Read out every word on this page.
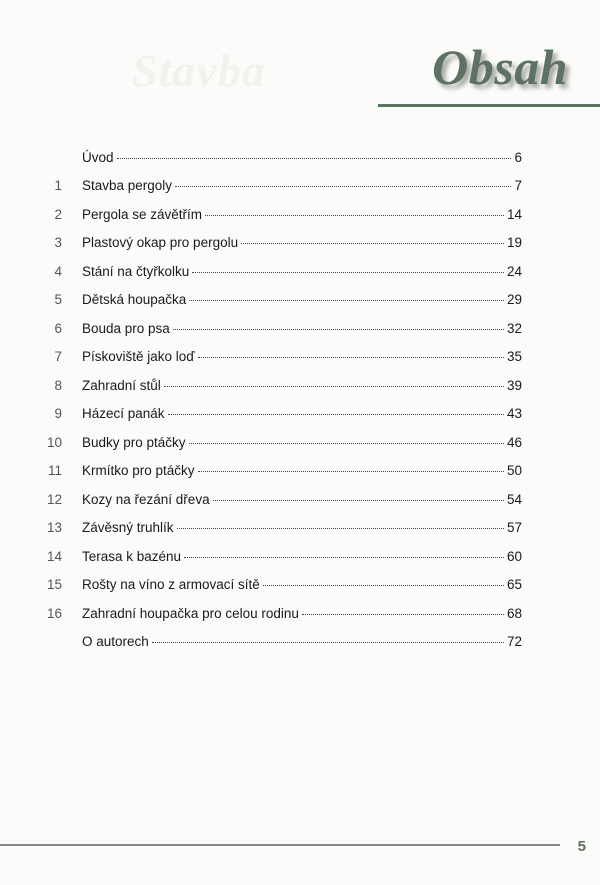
Stavba	Obsah
Úvod	6
1 Stavba pergoly	7
2 Pergola se závětřím	14
3 Plastový okap pro pergolu	19
4 Stání na čtyřkolku	24
5 Dětská houpačka	29
6 Bouda pro psa	32
7 Pískoviště jako loď	35
8 Zahradní stůl	39
9 Házecí panák	43
10 Budky pro ptáčky	46
11 Krmítko pro ptáčky	50
12 Kozy na řezání dřeva	54
13 Závěsný truhlík	57
14 Terasa k bazénu	60
15 Rošty na víno z armovací sítě	65
16 Zahradní houpačka pro celou rodinu	68
O autorech	72
5
